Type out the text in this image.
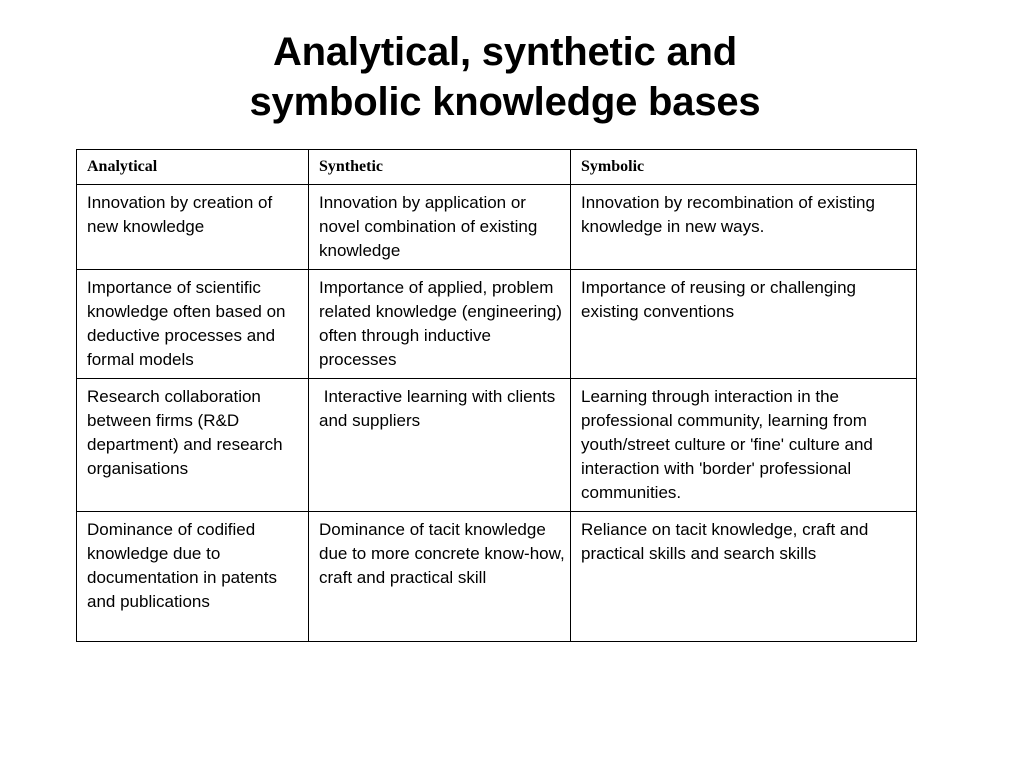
Analytical, synthetic and
symbolic knowledge bases
Analytical	Synthetic	Symbolic
Innovation by creation of new knowledge	Innovation by application or novel combination of existing knowledge	Innovation by recombination of existing knowledge in new ways.
Importance of scientific knowledge often based on deductive processes and formal models	Importance of applied, problem related knowledge (engineering) often through inductive processes	Importance of reusing or challenging existing conventions
Research collaboration between firms (R&D department) and research organisations	Interactive learning with clients and suppliers	Learning through interaction in the professional community, learning from youth/street culture or 'fine' culture and interaction with 'border' professional communities.
Dominance of codified knowledge due to documentation in patents and publications	Dominance of tacit knowledge due to more concrete know-how, craft and practical skill	Reliance on tacit knowledge, craft and practical skills and search skills
